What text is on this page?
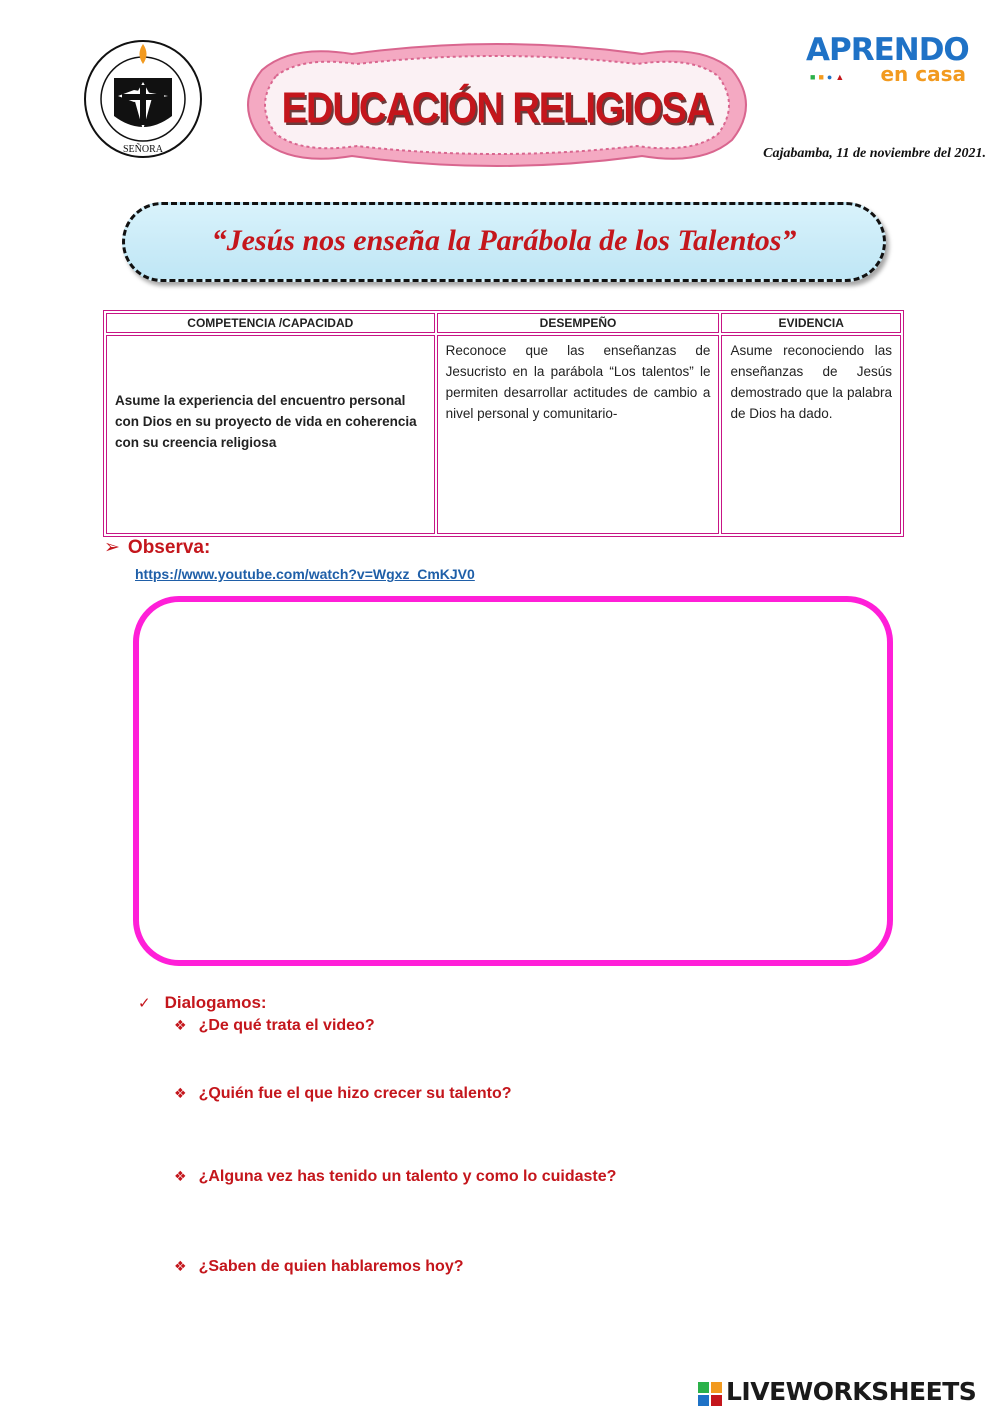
SEÑORA
EDUCACIÓN RELIGIOSA
APRENDO
en casa
■■●▲
Cajabamba, 11 de noviembre del 2021.
“Jesús nos enseña la Parábola de los Talentos”
COMPETENCIA /CAPACIDAD	DESEMPEÑO	EVIDENCIA
Asume la experiencia del encuentro personal con Dios en su proyecto de vida en coherencia con su creencia religiosa	Reconoce que las enseñanzas de Jesucristo en la parábola “Los talentos” le permiten desarrollar actitudes de cambio a nivel personal y comunitario-	Asume reconociendo las enseñanzas de Jesús demostrado que la palabra de Dios ha dado.
➢ Observa:
https://www.youtube.com/watch?v=Wgxz_CmKJV0
✓ Dialogamos:
❖ ¿De qué trata el video?
❖ ¿Quién fue el que hizo crecer su talento?
❖ ¿Alguna vez has tenido un talento y como lo cuidaste?
❖ ¿Saben de quien hablaremos hoy?
LIVEWORKSHEETS
